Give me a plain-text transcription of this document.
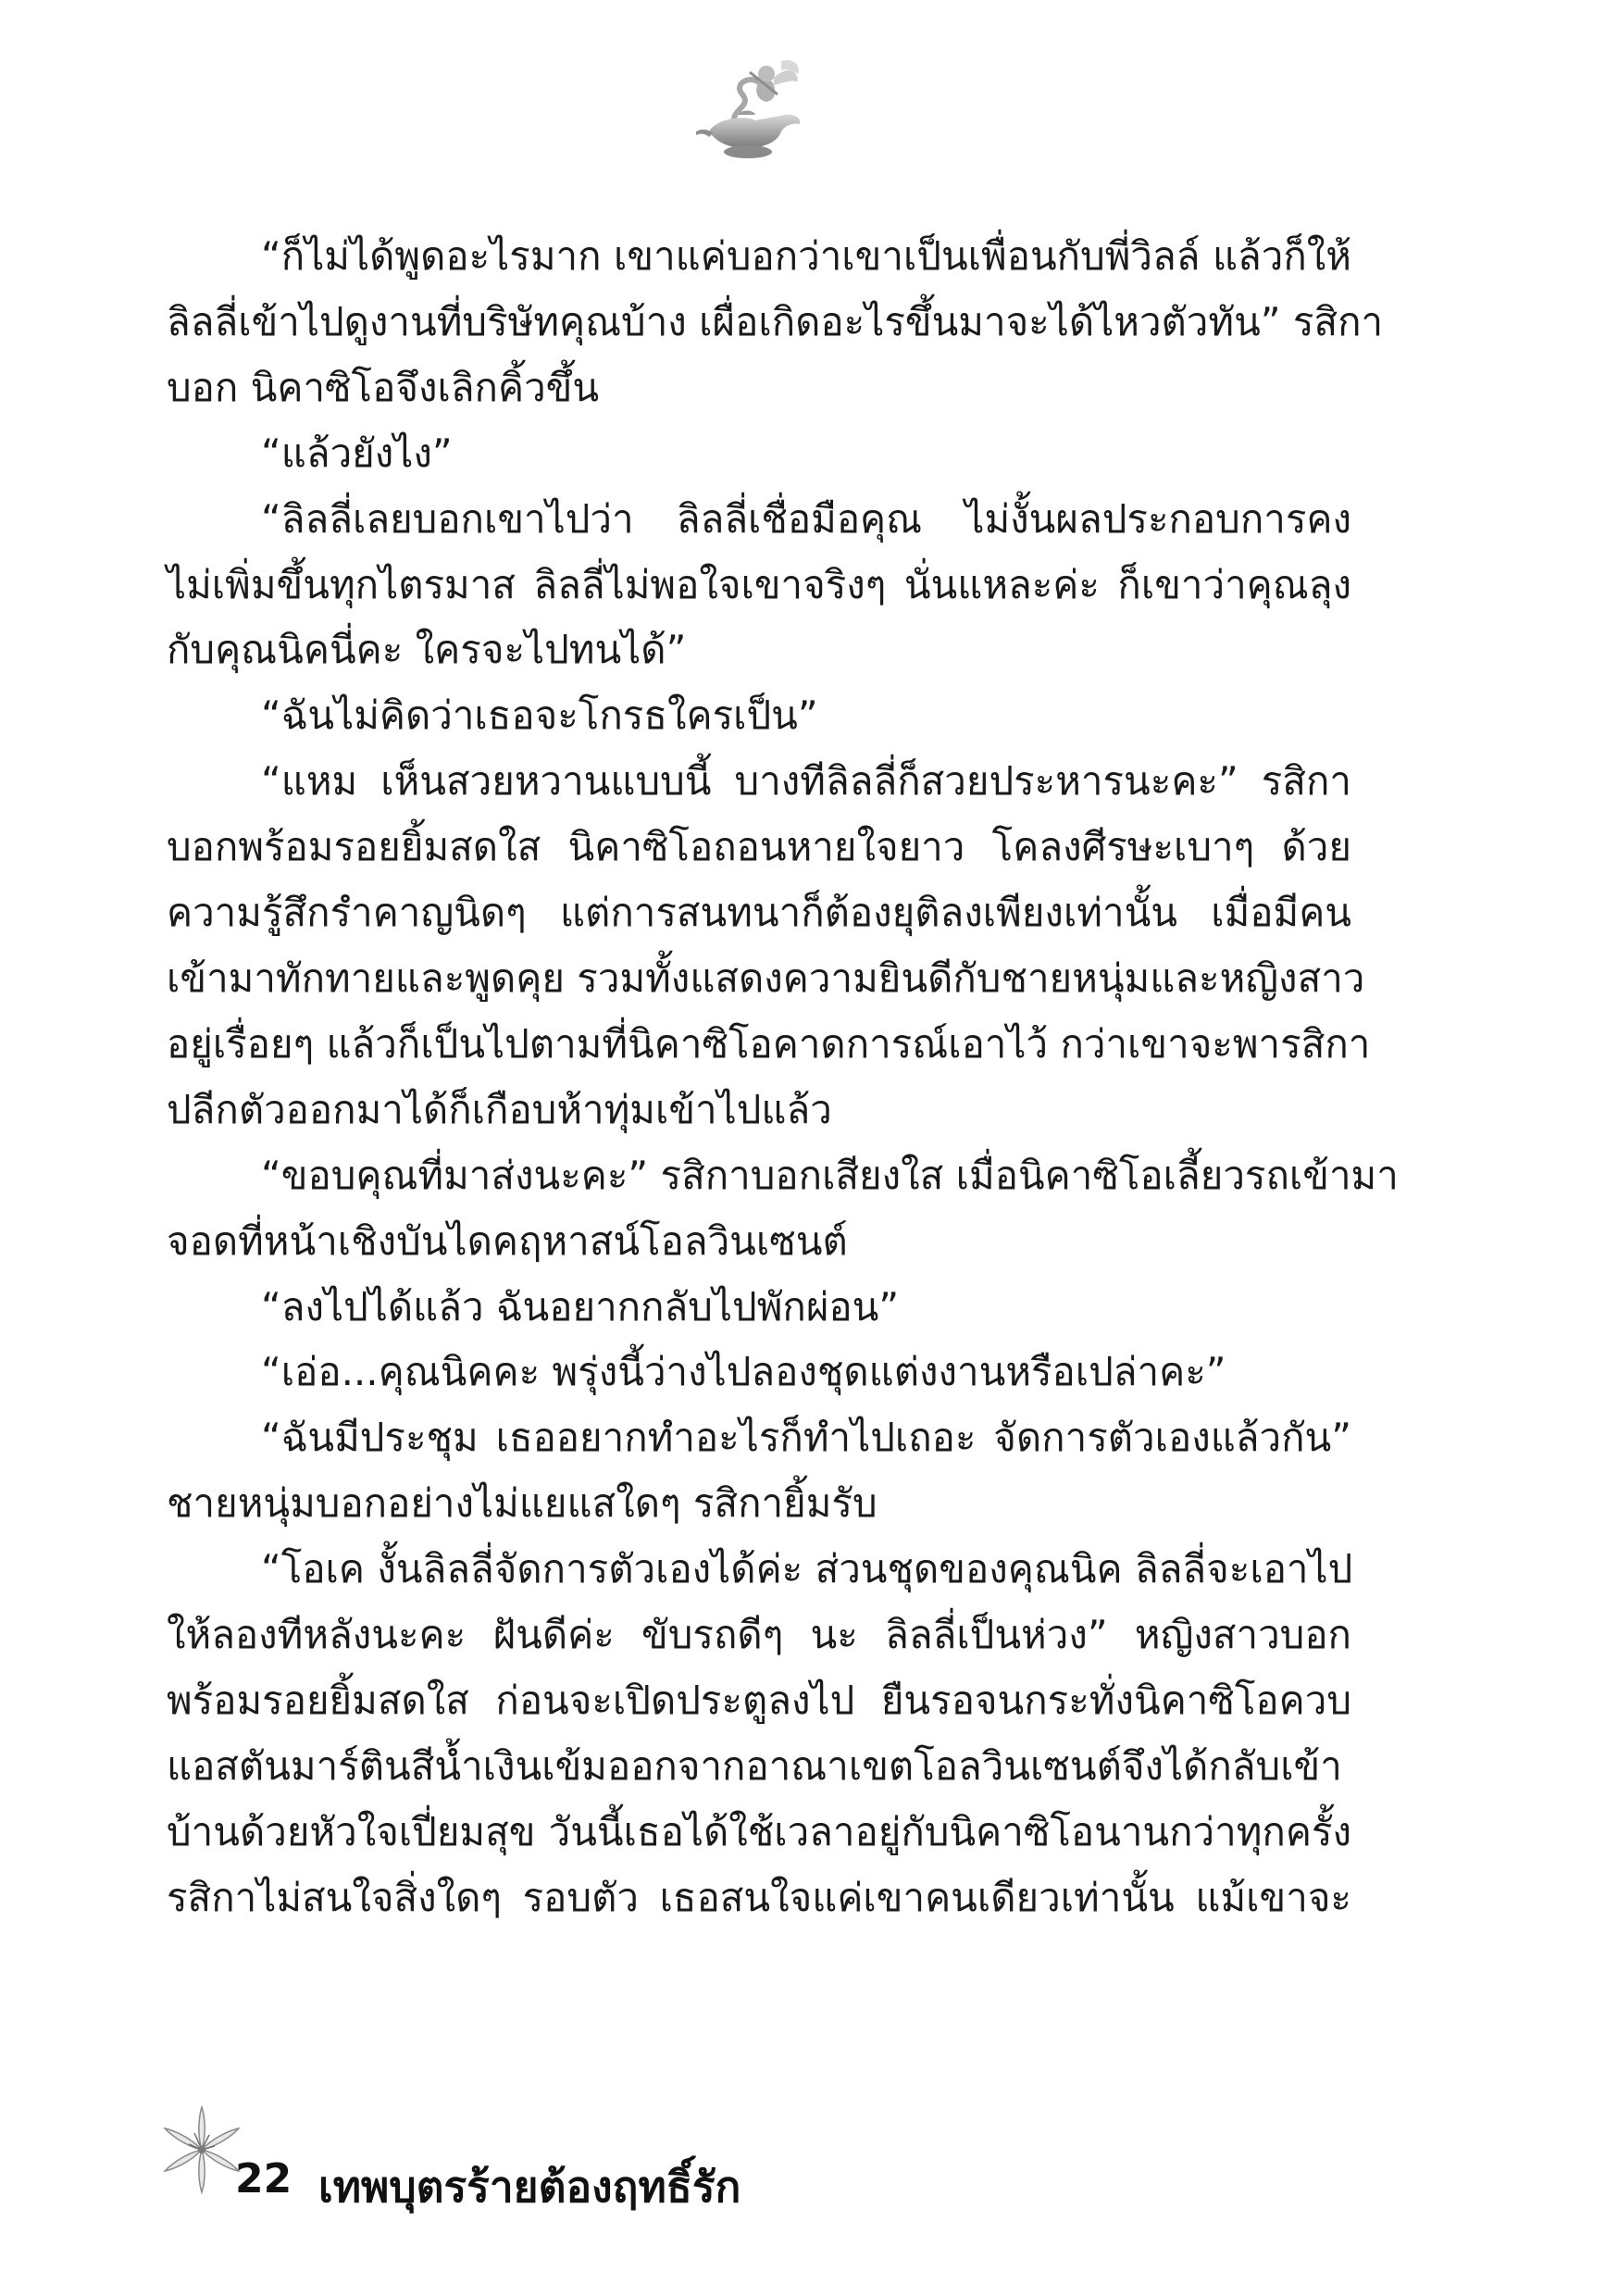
“ก็ไม่ได้พูดอะไรมาก เขาแค่บอกว่าเขาเป็นเพื่อนกับพี่วิลล์ แล้วก็ให้

ลิลลี่เข้าไปดูงานที่บริษัทคุณบ้าง เผื่อเกิดอะไรขึ้นมาจะได้ไหวตัวทัน” รสิกา

บอก นิคาซิโอจึงเลิกคิ้วขึ้น

“แล้วยังไง”

“ลิลลี่เลยบอกเขาไปว่า ลิลลี่เชื่อมือคุณ ไม่งั้นผลประกอบการคง

ไม่เพิ่มขึ้นทุกไตรมาส ลิลลี่ไม่พอใจเขาจริงๆ นั่นแหละค่ะ ก็เขาว่าคุณลุง

กับคุณนิคนี่คะ ใครจะไปทนได้”

“ฉันไม่คิดว่าเธอจะโกรธใครเป็น”

“แหม เห็นสวยหวานแบบนี้ บางทีลิลลี่ก็สวยประหารนะคะ” รสิกา

บอกพร้อมรอยยิ้มสดใส นิคาซิโอถอนหายใจยาว โคลงศีรษะเบาๆ ด้วย

ความรู้สึกรำคาญนิดๆ แต่การสนทนาก็ต้องยุติลงเพียงเท่านั้น เมื่อมีคน

เข้ามาทักทายและพูดคุย รวมทั้งแสดงความยินดีกับชายหนุ่มและหญิงสาว

อยู่เรื่อยๆ แล้วก็เป็นไปตามที่นิคาซิโอคาดการณ์เอาไว้ กว่าเขาจะพารสิกา

ปลีกตัวออกมาได้ก็เกือบห้าทุ่มเข้าไปแล้ว

“ขอบคุณที่มาส่งนะคะ” รสิกาบอกเสียงใส เมื่อนิคาซิโอเลี้ยวรถเข้ามา

จอดที่หน้าเชิงบันไดคฤหาสน์โอลวินเซนต์

“ลงไปได้แล้ว ฉันอยากกลับไปพักผ่อน”

“เอ่อ...คุณนิคคะ พรุ่งนี้ว่างไปลองชุดแต่งงานหรือเปล่าคะ”

“ฉันมีประชุม เธออยากทำอะไรก็ทำไปเถอะ จัดการตัวเองแล้วกัน”

ชายหนุ่มบอกอย่างไม่แยแสใดๆ รสิกายิ้มรับ

“โอเค งั้นลิลลี่จัดการตัวเองได้ค่ะ ส่วนชุดของคุณนิค ลิลลี่จะเอาไป

ให้ลองทีหลังนะคะ ฝันดีค่ะ ขับรถดีๆ นะ ลิลลี่เป็นห่วง” หญิงสาวบอก

พร้อมรอยยิ้มสดใส ก่อนจะเปิดประตูลงไป ยืนรอจนกระทั่งนิคาซิโอควบ

แอสตันมาร์ตินสีน้ำเงินเข้มออกจากอาณาเขตโอลวินเซนต์จึงได้กลับเข้า

บ้านด้วยหัวใจเปี่ยมสุข วันนี้เธอได้ใช้เวลาอยู่กับนิคาซิโอนานกว่าทุกครั้ง

รสิกาไม่สนใจสิ่งใดๆ รอบตัว เธอสนใจแค่เขาคนเดียวเท่านั้น แม้เขาจะ

22 เทพบุตรร้ายต้องฤทธิ์รัก
